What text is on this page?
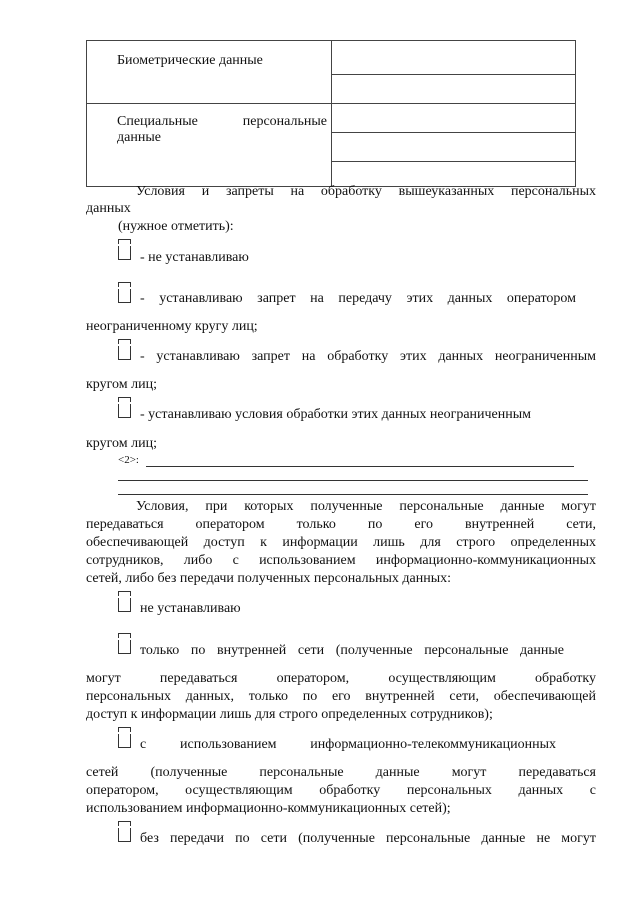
Биометрические данные	

Специальные персональные
данные	

Условия и запреты на обработку вышеуказанных персональных
данных
(нужное отметить):
- не устанавливаю
- устанавливаю запрет на передачу этих данных оператором
неограниченному кругу лиц;
- устанавливаю запрет на обработку этих данных неограниченным
кругом лиц;
- устанавливаю условия обработки этих данных неограниченным
кругом лиц;
<2>:
Условия, при которых полученные персональные данные могут
передаваться оператором только по его внутренней сети,
обеспечивающей доступ к информации лишь для строго определенных
сотрудников, либо с использованием информационно-коммуникационных
сетей, либо без передачи полученных персональных данных:
не устанавливаю
только по внутренней сети (полученные персональные данные
могут передаваться оператором, осуществляющим обработку
персональных данных, только по его внутренней сети, обеспечивающей
доступ к информации лишь для строго определенных сотрудников);
с использованием информационно-телекоммуникационных
сетей (полученные персональные данные могут передаваться
оператором, осуществляющим обработку персональных данных с
использованием информационно-коммуникационных сетей);
без передачи по сети (полученные персональные данные не могут
